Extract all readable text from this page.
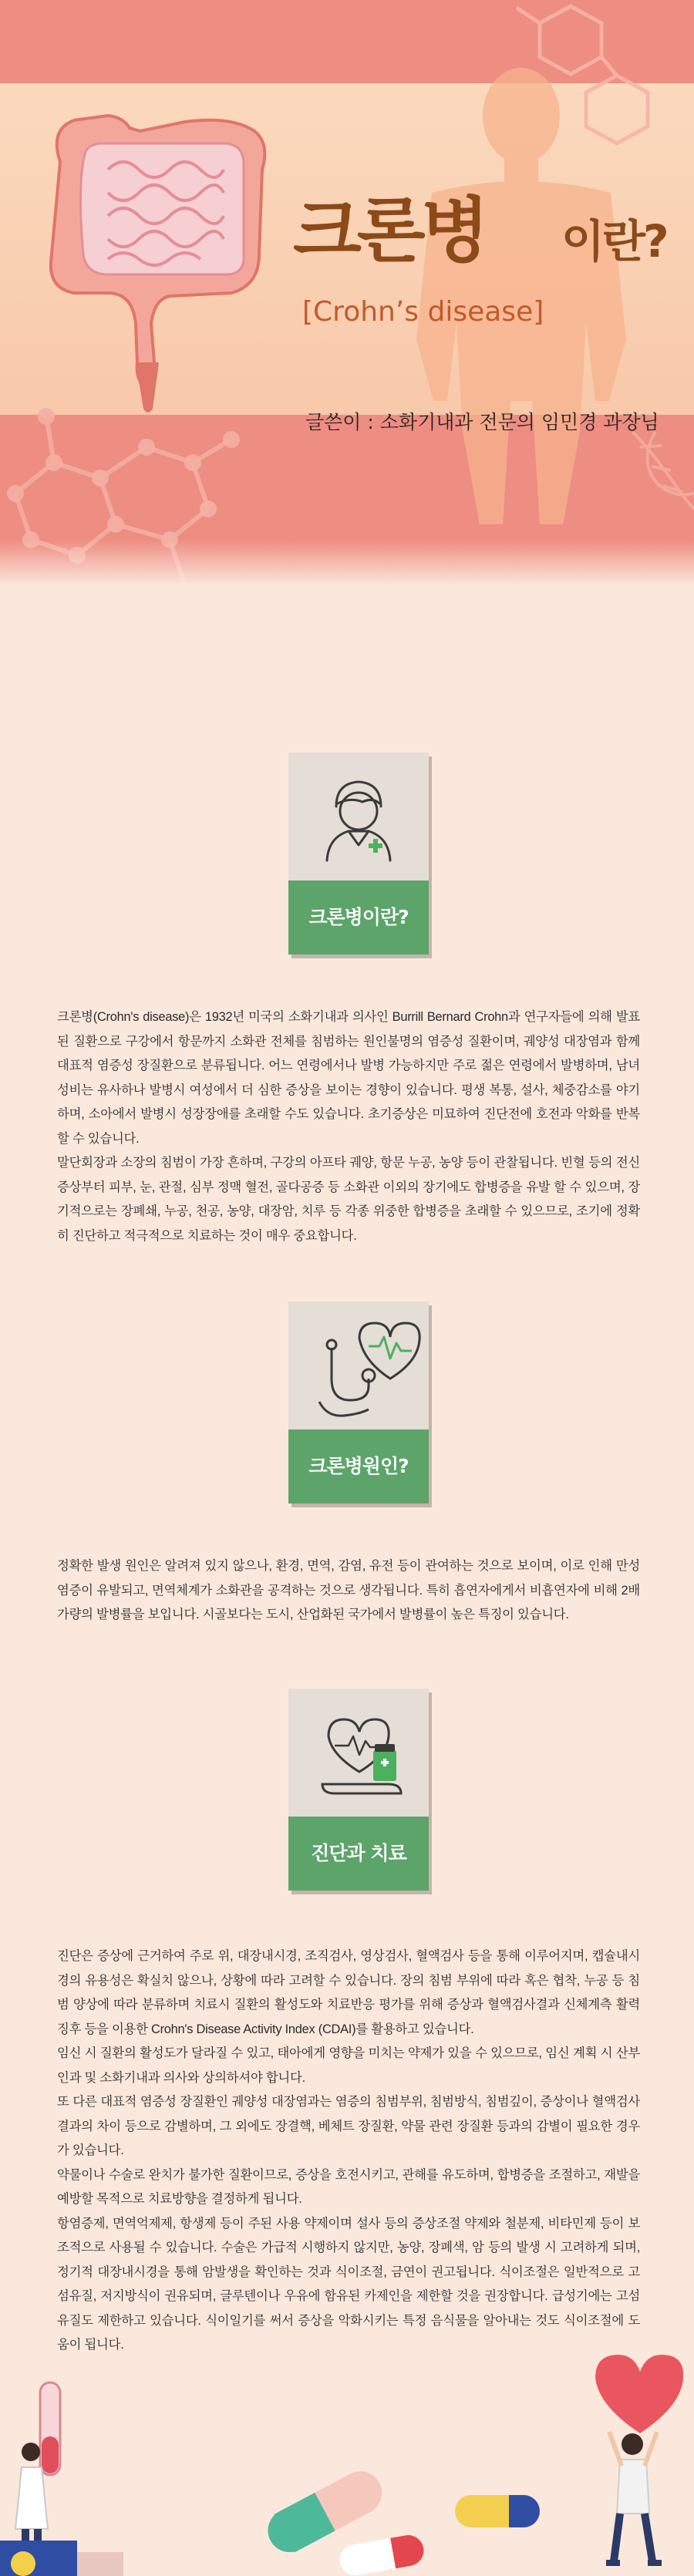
크론병 이란?
[Crohn’s disease]
글쓴이 : 소화기내과 전문의 임민경 과장님
크론병이란?

크론병(Crohn's disease)은 1932년 미국의 소화기내과 의사인 Burrill Bernard Crohn과 연구자들에 의해 발표된 질환으로 구강에서 항문까지 소화관 전체를 침범하는 원인불명의 염증성 질환이며, 궤양성 대장염과 함께 대표적 염증성 장질환으로 분류됩니다. 어느 연령에서나 발병 가능하지만 주로 젊은 연령에서 발병하며, 남녀 성비는 유사하나 발병시 여성에서 더 심한 증상을 보이는 경향이 있습니다. 평생 복통, 설사, 체중감소를 야기하며, 소아에서 발병시 성장장애를 초래할 수도 있습니다. 초기증상은 미묘하여 진단전에 호전과 악화를 반복할 수 있습니다.

말단회장과 소장의 침범이 가장 흔하며, 구강의 아프타 궤양, 항문 누공, 농양 등이 관찰됩니다. 빈혈 등의 전신 증상부터 피부, 눈, 관절, 심부 정맥 혈전, 골다공증 등 소화관 이외의 장기에도 합병증을 유발 할 수 있으며, 장기적으로는 장폐쇄, 누공, 천공, 농양, 대장암, 치루 등 각종 위중한 합병증을 초래할 수 있으므로, 조기에 정확히 진단하고 적극적으로 치료하는 것이 매우 중요합니다.

크론병원인?

정확한 발생 원인은 알려져 있지 않으나, 환경, 면역, 감염, 유전 등이 관여하는 것으로 보이며, 이로 인해 만성 염증이 유발되고, 면역체계가 소화관을 공격하는 것으로 생각됩니다. 특히 흡연자에게서 비흡연자에 비해 2배 가량의 발병률을 보입니다. 시골보다는 도시, 산업화된 국가에서 발병률이 높은 특징이 있습니다.

진단과 치료

진단은 증상에 근거하여 주로 위, 대장내시경, 조직검사, 영상검사, 혈액검사 등을 통해 이루어지며, 캡슐내시경의 유용성은 확실치 않으나, 상황에 따라 고려할 수 있습니다. 장의 침범 부위에 따라 혹은 협착, 누공 등 침범 양상에 따라 분류하며 치료시 질환의 활성도와 치료반응 평가를 위해 증상과 혈액검사결과 신체계측 활력징후 등을 이용한 Crohn's Disease Activity Index (CDAI)를 활용하고 있습니다.

임신 시 질환의 활성도가 달라질 수 있고, 태아에게 영향을 미치는 약제가 있을 수 있으므로, 임신 계획 시 산부인과 및 소화기내과 의사와 상의하셔야 합니다.

또 다른 대표적 염증성 장질환인 궤양성 대장염과는 염증의 침범부위, 침범방식, 침범깊이, 증상이나 혈액검사 결과의 차이 등으로 감별하며, 그 외에도 장결핵, 베체트 장질환, 약물 관련 장질환 등과의 감별이 필요한 경우가 있습니다.

약물이나 수술로 완치가 불가한 질환이므로, 증상을 호전시키고, 관해를 유도하며, 합병증을 조절하고, 재발을 예방할 목적으로 치료방향을 결정하게 됩니다.

항염증제, 면역억제제, 항생제 등이 주된 사용 약제이며 설사 등의 증상조절 약제와 철분제, 비타민제 등이 보조적으로 사용될 수 있습니다. 수술은 가급적 시행하지 않지만, 농양, 장폐색, 암 등의 발생 시 고려하게 되며, 정기적 대장내시경을 통해 암발생을 확인하는 것과 식이조절, 금연이 권고됩니다. 식이조절은 일반적으로 고섬유질, 저지방식이 권유되며, 글루텐이나 우유에 함유된 카제인을 제한할 것을 권장합니다. 급성기에는 고섬유질도 제한하고 있습니다. 식이일기를 써서 증상을 악화시키는 특정 음식물을 알아내는 것도 식이조절에 도움이 됩니다.
